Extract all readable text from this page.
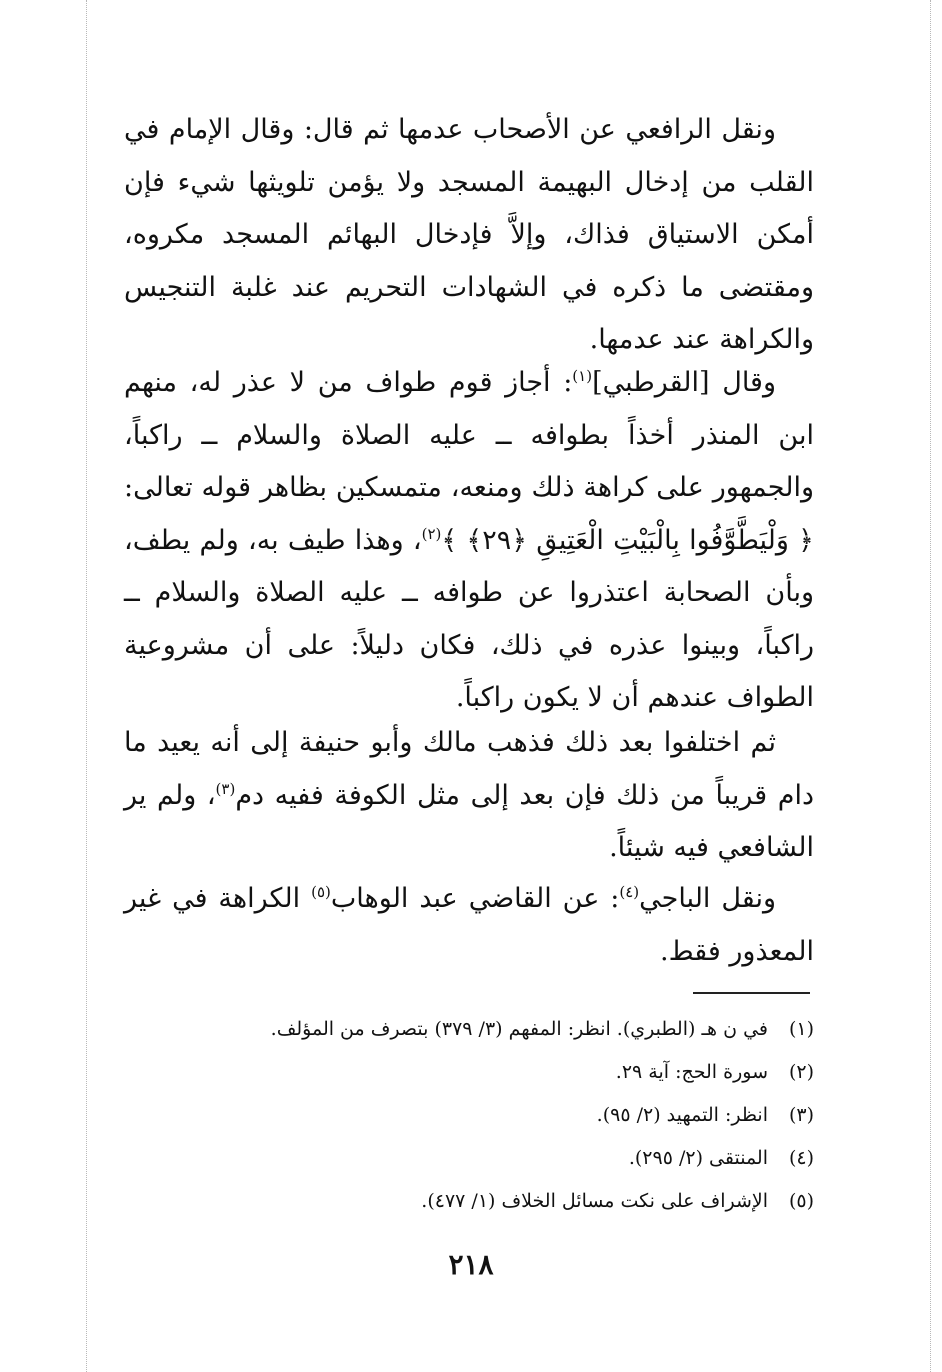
ونقل الرافعي عن الأصحاب عدمها ثم قال: وقال الإمام في القلب من إدخال البهيمة المسجد ولا يؤمن تلويثها شيء فإن أمكن الاستياق فذاك، وإلاَّ فإدخال البهائم المسجد مكروه، ومقتضى ما ذكره في الشهادات التحريم عند غلبة التنجيس والكراهة عند عدمها.

وقال [القرطبي]$^{(١)}$: أجاز قوم طواف من لا عذر له، منهم ابن المنذر أخذاً بطوافه ــ عليه الصلاة والسلام ــ راكباً، والجمهور على كراهة ذلك ومنعه، متمسكين بظاهر قوله تعالى: ﴿ وَلْيَطَّوَّفُوا بِالْبَيْتِ الْعَتِيقِ ﴿٢٩﴾ ﴾$^{(٢)}$، وهذا طيف به، ولم يطف، وبأن الصحابة اعتذروا عن طوافه ــ عليه الصلاة والسلام ــ راكباً، وبينوا عذره في ذلك، فكان دليلاً: على أن مشروعية الطواف عندهم أن لا يكون راكباً.

ثم اختلفوا بعد ذلك فذهب مالك وأبو حنيفة إلى أنه يعيد ما دام قريباً من ذلك فإن بعد إلى مثل الكوفة ففيه دم$^{(٣)}$، ولم ير الشافعي فيه شيئاً.

ونقل الباجي$^{(٤)}$: عن القاضي عبد الوهاب$^{(٥)}$ الكراهة في غير المعذور فقط.

(١)في ن هـ (الطبري). انظر: المفهم (٣/ ٣٧٩) بتصرف من المؤلف.
(٢)سورة الحج: آية ٢٩.
(٣)انظر: التمهيد (٢/ ٩٥).
(٤)المنتقى (٢/ ٢٩٥).
(٥)الإشراف على نكت مسائل الخلاف (١/ ٤٧٧).
٢١٨
